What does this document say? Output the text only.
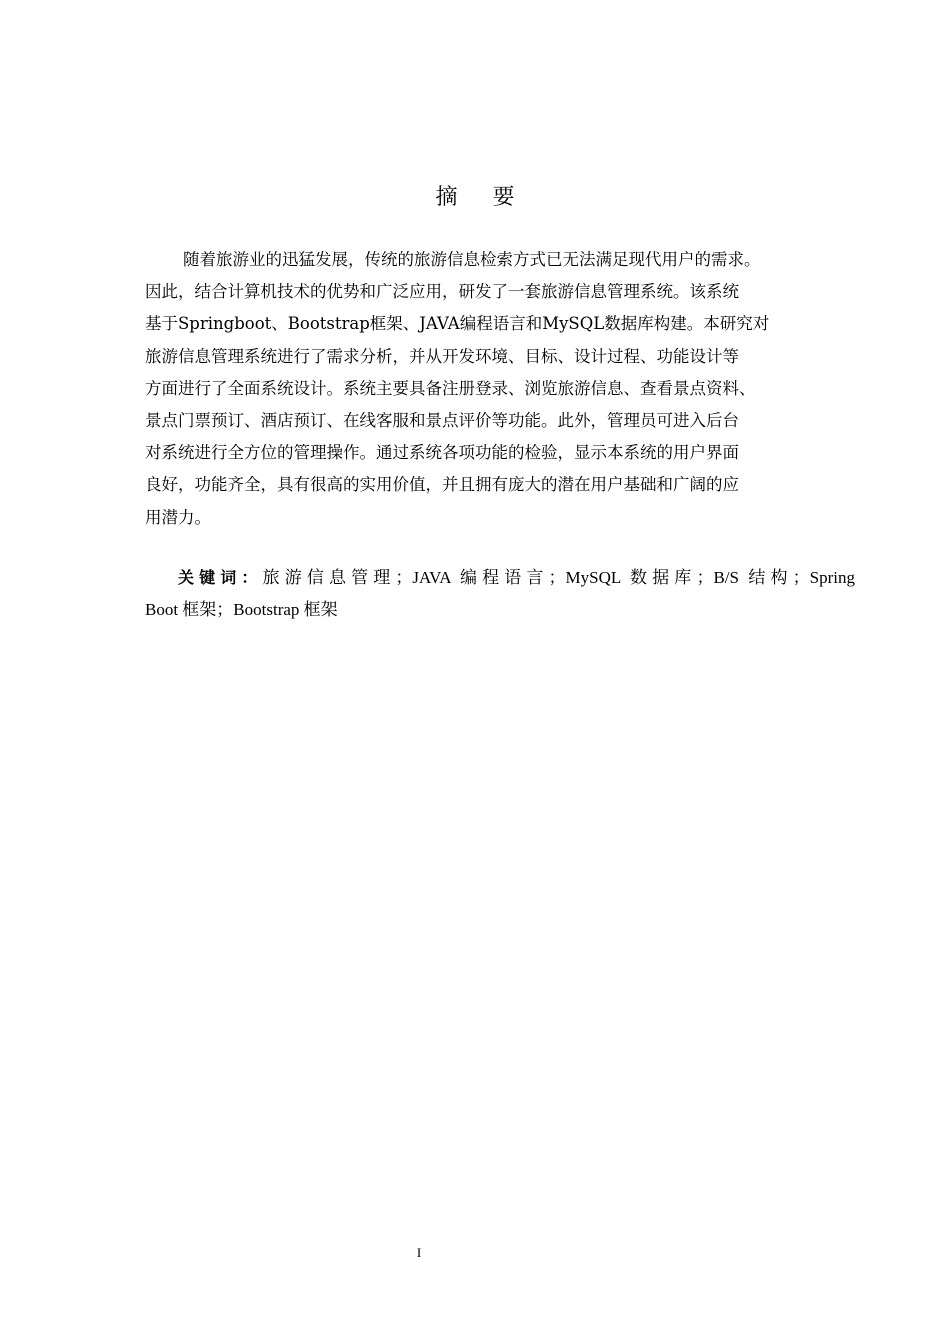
摘 要
随着旅游业的迅猛发展，传统的旅游信息检索方式已无法满足现代用户的需求。
因此，结合计算机技术的优势和广泛应用，研发了一套旅游信息管理系统。该系统
基于Springboot、Bootstrap框架、JAVA编程语言和MySQL数据库构建。本研究对
旅游信息管理系统进行了需求分析，并从开发环境、目标、设计过程、功能设计等
方面进行了全面系统设计。系统主要具备注册登录、浏览旅游信息、查看景点资料、
景点门票预订、酒店预订、在线客服和景点评价等功能。此外，管理员可进入后台
对系统进行全方位的管理操作。通过系统各项功能的检验，显示本系统的用户界面
良好，功能齐全，具有很高的实用价值，并且拥有庞大的潜在用户基础和广阔的应
用潜力。
关键词：旅游信息管理；JAVA 编程语言；MySQL 数据库；B/S 结构；Spring
Boot 框架；Bootstrap 框架
I
